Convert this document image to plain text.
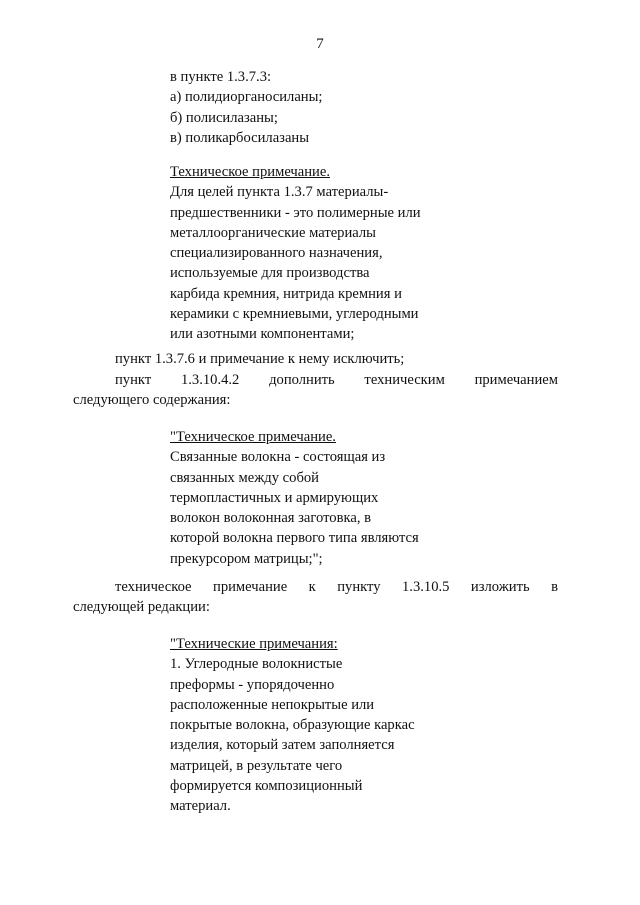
7
в пункте 1.3.7.3:
а) полидиорганосиланы;
б) полисилазаны;
в) поликарбосилазаны
Техническое примечание.
Для целей пункта 1.3.7 материалы-
предшественники - это полимерные или
металлоорганические материалы
специализированного назначения,
используемые для производства
карбида кремния, нитрида кремния и
керамики с кремниевыми, углеродными
или азотными компонентами;
пункт 1.3.7.6 и примечание к нему исключить;
пункт 1.3.10.4.2 дополнить техническим примечанием
следующего содержания:
"Техническое примечание.
Связанные волокна - состоящая из
связанных между собой
термопластичных и армирующих
волокон волоконная заготовка, в
которой волокна первого типа являются
прекурсором матрицы;";
техническое примечание к пункту 1.3.10.5 изложить в
следующей редакции:
"Технические примечания:
1. Углеродные волокнистые
преформы - упорядоченно
расположенные непокрытые или
покрытые волокна, образующие каркас
изделия, который затем заполняется
матрицей, в результате чего
формируется композиционный
материал.
